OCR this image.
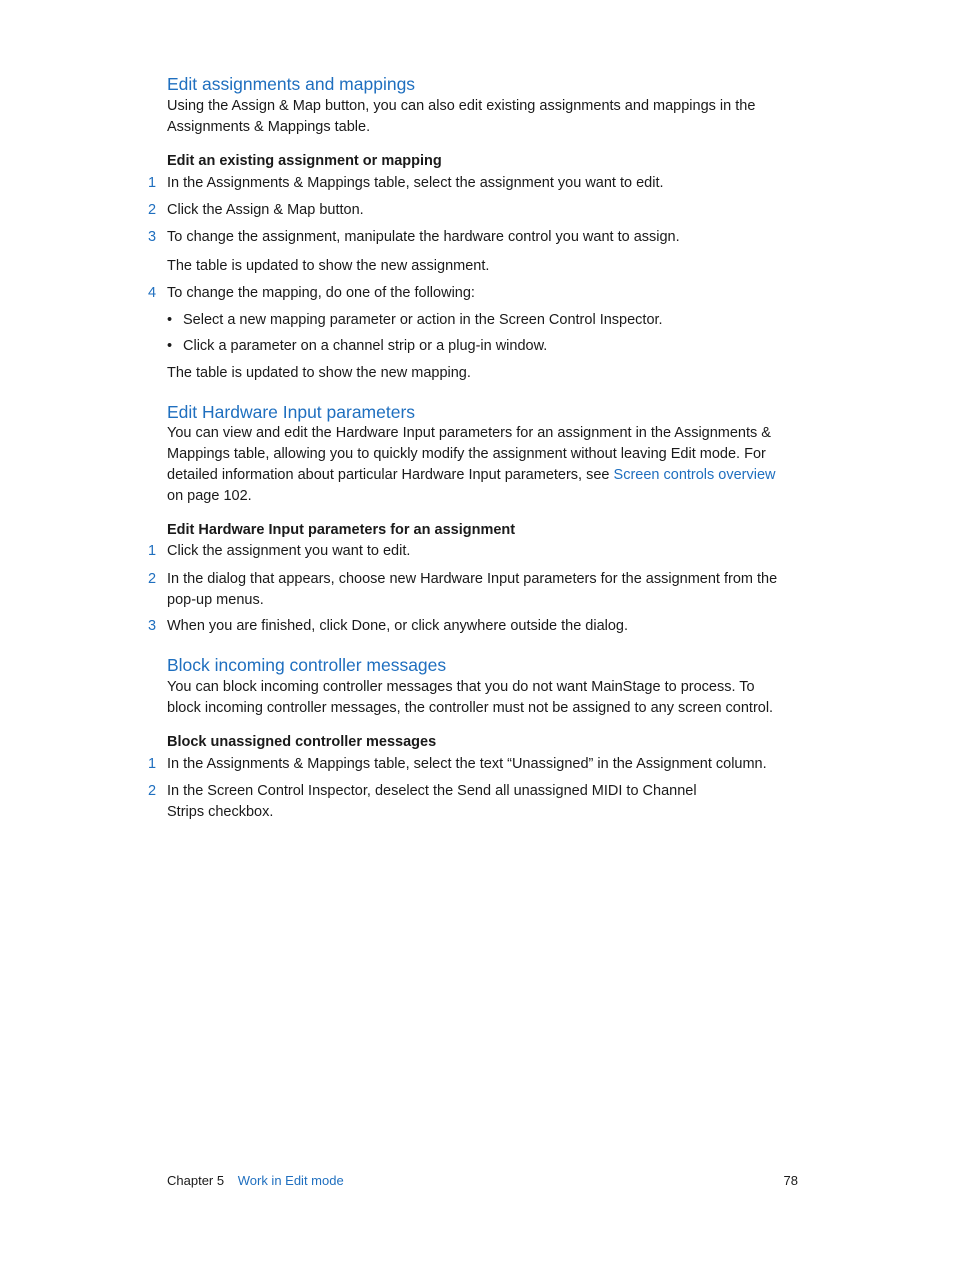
Edit assignments and mappings

Using the Assign & Map button, you can also edit existing assignments and mappings in the Assignments & Mappings table.

Edit an existing assignment or mapping
1 In the Assignments & Mappings table, select the assignment you want to edit.
2 Click the Assign & Map button.
3 To change the assignment, manipulate the hardware control you want to assign.

The table is updated to show the new assignment.

4 To change the mapping, do one of the following:
• Select a new mapping parameter or action in the Screen Control Inspector.
• Click a parameter on a channel strip or a plug-in window.

The table is updated to show the new mapping.

Edit Hardware Input parameters

You can view and edit the Hardware Input parameters for an assignment in the Assignments & Mappings table, allowing you to quickly modify the assignment without leaving Edit mode. For detailed information about particular Hardware Input parameters, see Screen controls overview on page 102.

Edit Hardware Input parameters for an assignment
1 Click the assignment you want to edit.
2 In the dialog that appears, choose new Hardware Input parameters for the assignment from the pop-up menus.
3 When you are finished, click Done, or click anywhere outside the dialog.
Block incoming controller messages

You can block incoming controller messages that you do not want MainStage to process. To block incoming controller messages, the controller must not be assigned to any screen control.

Block unassigned controller messages
1 In the Assignments & Mappings table, select the text “Unassigned” in the Assignment column.
2 In the Screen Control Inspector, deselect the Send all unassigned MIDI to Channel Strips checkbox.
Chapter 5 Work in Edit mode	78
